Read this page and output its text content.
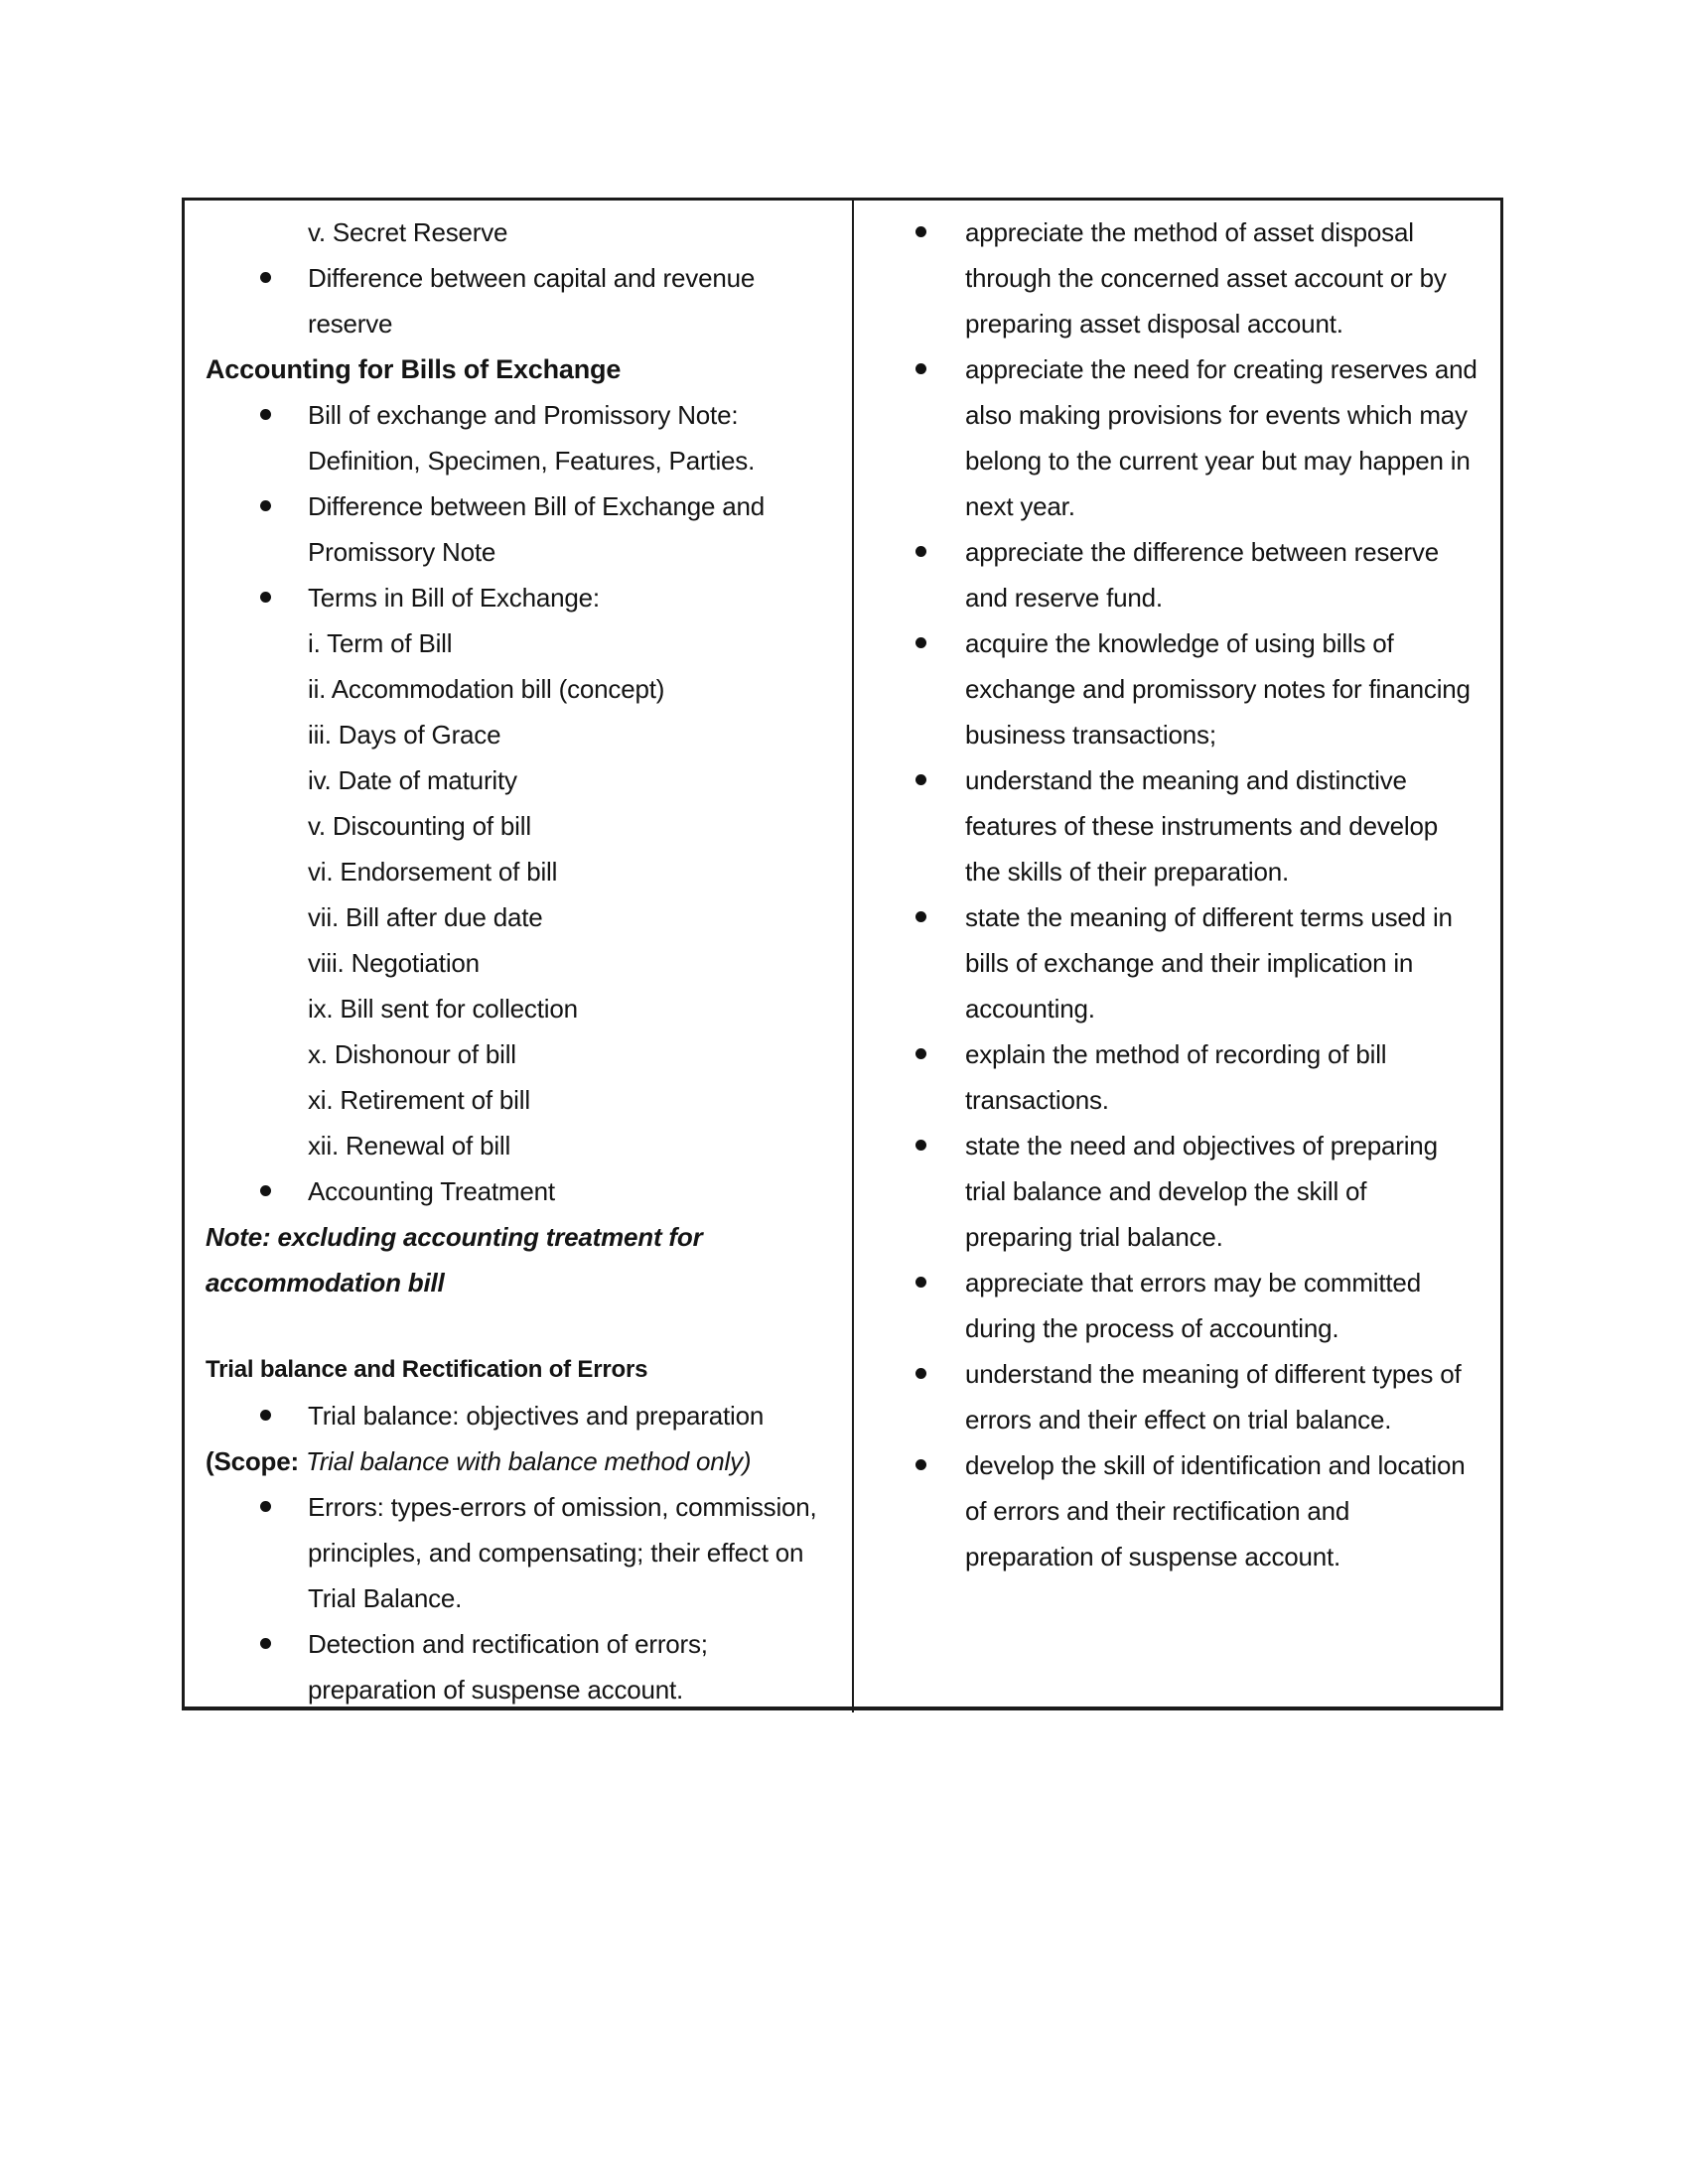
v. Secret Reserve
Difference between capital and revenue
reserve
Accounting for Bills of Exchange
Bill of exchange and Promissory Note:
Definition, Specimen, Features, Parties.
Difference between Bill of Exchange and
Promissory Note
Terms in Bill of Exchange:
i. Term of Bill
ii. Accommodation bill (concept)
iii. Days of Grace
iv. Date of maturity
v. Discounting of bill
vi. Endorsement of bill
vii. Bill after due date
viii. Negotiation
ix. Bill sent for collection
x. Dishonour of bill
xi. Retirement of bill
xii. Renewal of bill
Accounting Treatment
Note: excluding accounting treatment for
accommodation bill
Trial balance and Rectification of Errors
Trial balance: objectives and preparation
(Scope: Trial balance with balance method only)
Errors: types-errors of omission, commission,
principles, and compensating; their effect on
Trial Balance.
Detection and rectification of errors;
preparation of suspense account.
appreciate the method of asset disposal
through the concerned asset account or by
preparing asset disposal account.
appreciate the need for creating reserves and
also making provisions for events which may
belong to the current year but may happen in
next year.
appreciate the difference between reserve
and reserve fund.
acquire the knowledge of using bills of
exchange and promissory notes for financing
business transactions;
understand the meaning and distinctive
features of these instruments and develop
the skills of their preparation.
state the meaning of different terms used in
bills of exchange and their implication in
accounting.
explain the method of recording of bill
transactions.
state the need and objectives of preparing
trial balance and develop the skill of
preparing trial balance.
appreciate that errors may be committed
during the process of accounting.
understand the meaning of different types of
errors and their effect on trial balance.
develop the skill of identification and location
of errors and their rectification and
preparation of suspense account.
